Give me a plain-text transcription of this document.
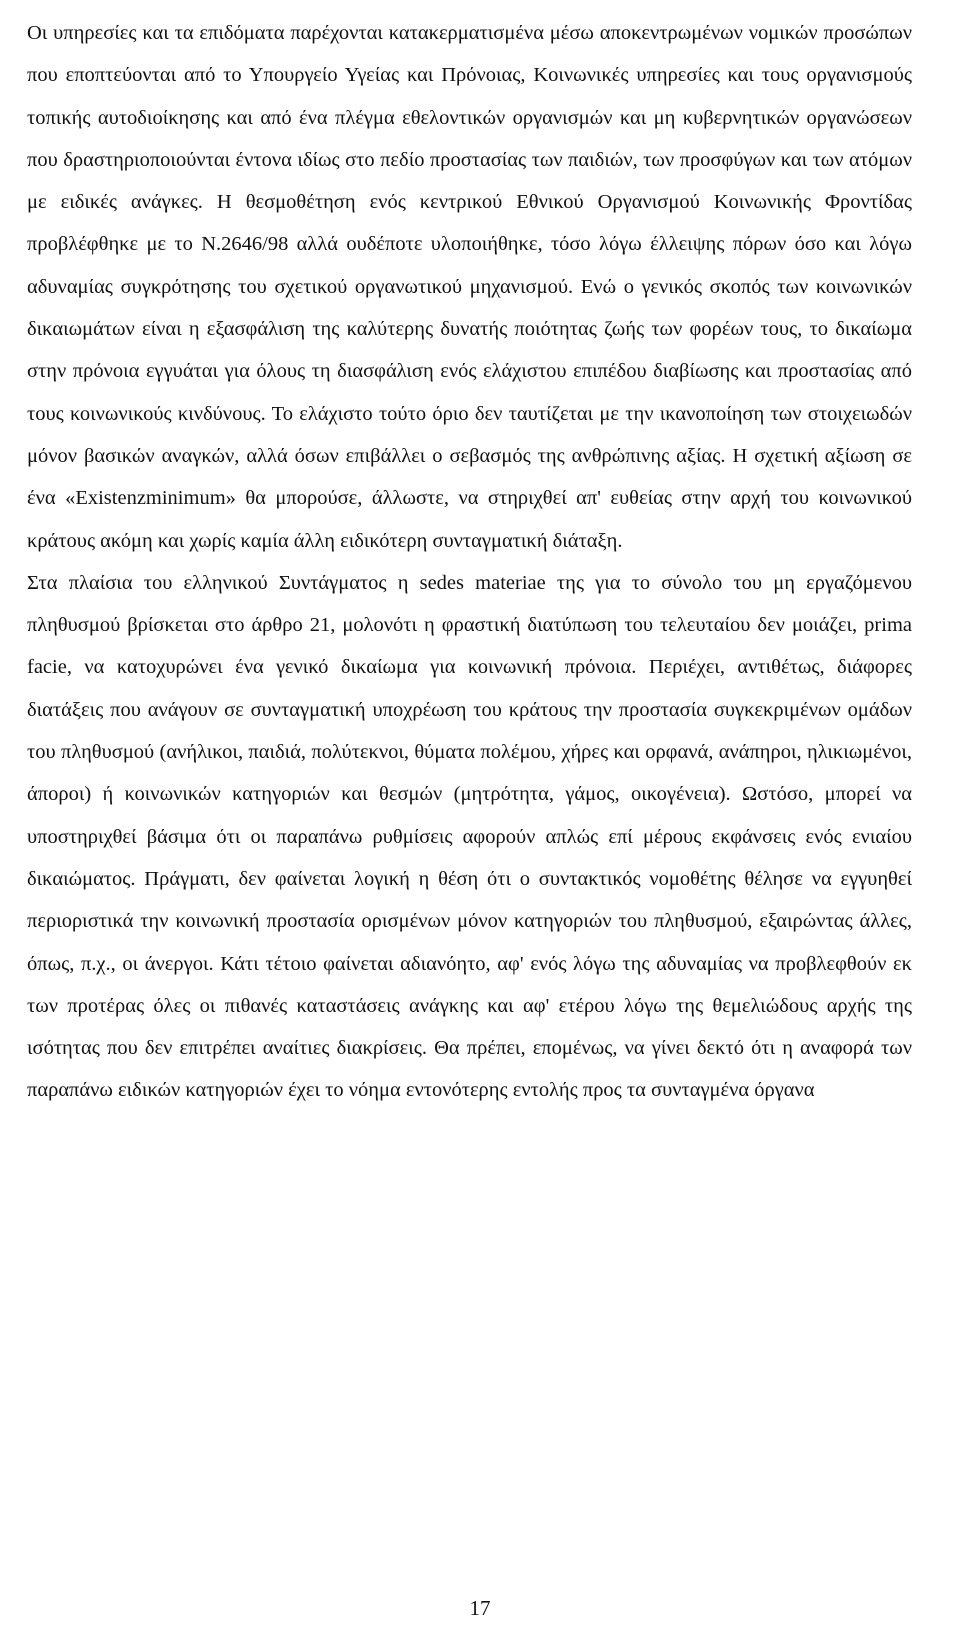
Οι υπηρεσίες και τα επιδόματα παρέχονται κατακερματισμένα μέσω αποκεντρωμένων νομικών προσώπων που εποπτεύονται από το Υπουργείο Υγείας και Πρόνοιας, Κοινωνικές υπηρεσίες και τους οργανισμούς τοπικής αυτοδιοίκησης και από ένα πλέγμα εθελοντικών οργανισμών και μη κυβερνητικών οργανώσεων που δραστηριοποιούνται έντονα ιδίως στο πεδίο προστασίας των παιδιών, των προσφύγων και των ατόμων με ειδικές ανάγκες. Η θεσμοθέτηση ενός κεντρικού Εθνικού Οργανισμού Κοινωνικής Φροντίδας προβλέφθηκε με το Ν.2646/98 αλλά ουδέποτε υλοποιήθηκε, τόσο λόγω έλλειψης πόρων όσο και λόγω αδυναμίας συγκρότησης του σχετικού οργανωτικού μηχανισμού. Ενώ ο γενικός σκοπός των κοινωνικών δικαιωμάτων είναι η εξασφάλιση της καλύτερης δυνατής ποιότητας ζωής των φορέων τους, το δικαίωμα στην πρόνοια εγγυάται για όλους τη διασφάλιση ενός ελάχιστου επιπέδου διαβίωσης και προστασίας από τους κοινωνικούς κινδύνους. Το ελάχιστο τούτο όριο δεν ταυτίζεται με την ικανοποίηση των στοιχειωδών μόνον βασικών αναγκών, αλλά όσων επιβάλλει ο σεβασμός της ανθρώπινης αξίας. Η σχετική αξίωση σε ένα «Existenzminimum» θα μπορούσε, άλλωστε, να στηριχθεί απ' ευθείας στην αρχή του κοινωνικού κράτους ακόμη και χωρίς καμία άλλη ειδικότερη συνταγματική διάταξη.

Στα πλαίσια του ελληνικού Συντάγματος η sedes materiae της για το σύνολο του μη εργαζόμενου πληθυσμού βρίσκεται στο άρθρο 21, μολονότι η φραστική διατύπωση του τελευταίου δεν μοιάζει, prima facie, να κατοχυρώνει ένα γενικό δικαίωμα για κοινωνική πρόνοια. Περιέχει, αντιθέτως, διάφορες διατάξεις που ανάγουν σε συνταγματική υποχρέωση του κράτους την προστασία συγκεκριμένων ομάδων του πληθυσμού (ανήλικοι, παιδιά, πολύτεκνοι, θύματα πολέμου, χήρες και ορφανά, ανάπηροι, ηλικιωμένοι, άποροι) ή κοινωνικών κατηγοριών και θεσμών (μητρότητα, γάμος, οικογένεια). Ωστόσο, μπορεί να υποστηριχθεί βάσιμα ότι οι παραπάνω ρυθμίσεις αφορούν απλώς επί μέρους εκφάνσεις ενός ενιαίου δικαιώματος. Πράγματι, δεν φαίνεται λογική η θέση ότι ο συντακτικός νομοθέτης θέλησε να εγγυηθεί περιοριστικά την κοινωνική προστασία ορισμένων μόνον κατηγοριών του πληθυσμού, εξαιρώντας άλλες, όπως, π.χ., οι άνεργοι. Κάτι τέτοιο φαίνεται αδιανόητο, αφ' ενός λόγω της αδυναμίας να προβλεφθούν εκ των προτέρας όλες οι πιθανές καταστάσεις ανάγκης και αφ' ετέρου λόγω της θεμελιώδους αρχής της ισότητας που δεν επιτρέπει αναίτιες διακρίσεις. Θα πρέπει, επομένως, να γίνει δεκτό ότι η αναφορά των παραπάνω ειδικών κατηγοριών έχει το νόημα εντονότερης εντολής προς τα συνταγμένα όργανα

17
